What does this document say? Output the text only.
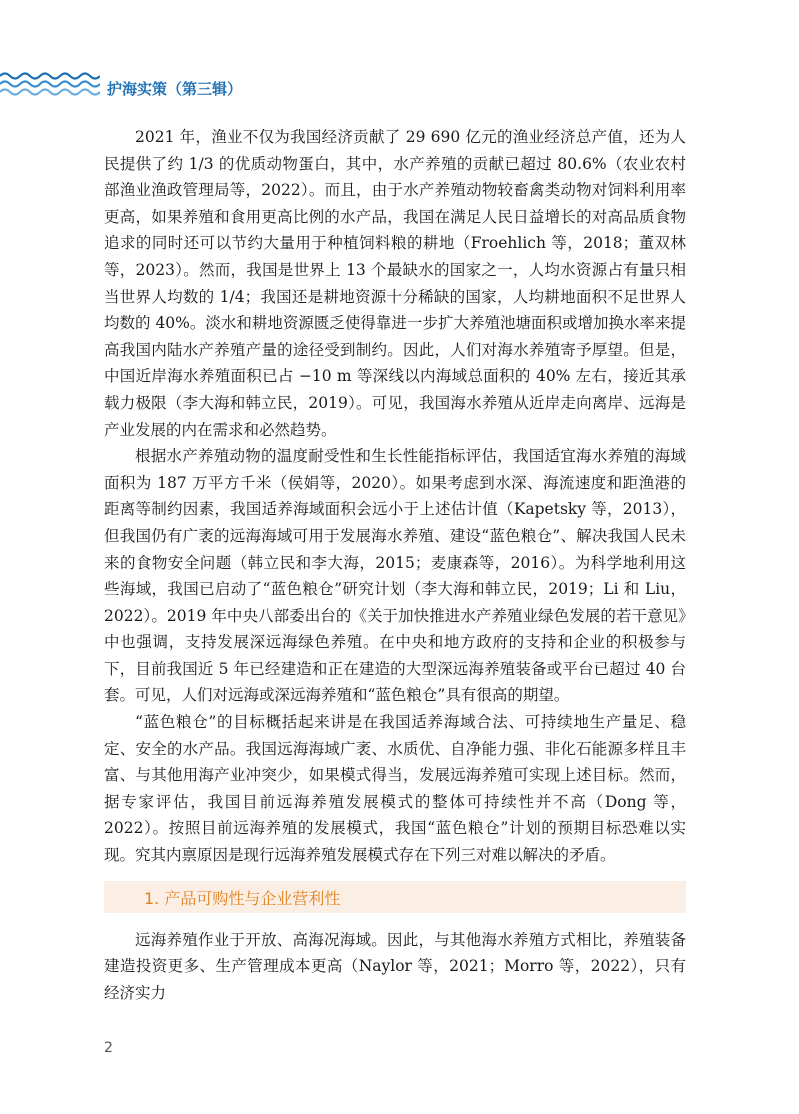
护海实策（第三辑）

2021 年，渔业不仅为我国经济贡献了 29 690 亿元的渔业经济总产值，还为人民提供了约 1/3 的优质动物蛋白，其中，水产养殖的贡献已超过 80.6%（农业农村部渔业渔政管理局等，2022）。而且，由于水产养殖动物较畜禽类动物对饲料利用率更高，如果养殖和食用更高比例的水产品，我国在满足人民日益增长的对高品质食物追求的同时还可以节约大量用于种植饲料粮的耕地（Froehlich 等，2018；董双林等，2023）。然而，我国是世界上 13 个最缺水的国家之一，人均水资源占有量只相当世界人均数的 1/4；我国还是耕地资源十分稀缺的国家，人均耕地面积不足世界人均数的 40%。淡水和耕地资源匮乏使得靠进一步扩大养殖池塘面积或增加换水率来提高我国内陆水产养殖产量的途径受到制约。因此，人们对海水养殖寄予厚望。但是，中国近岸海水养殖面积已占 −10 m 等深线以内海域总面积的 40% 左右，接近其承载力极限（李大海和韩立民，2019）。可见，我国海水养殖从近岸走向离岸、远海是产业发展的内在需求和必然趋势。

根据水产养殖动物的温度耐受性和生长性能指标评估，我国适宜海水养殖的海域面积为 187 万平方千米（侯娟等，2020）。如果考虑到水深、海流速度和距渔港的距离等制约因素，我国适养海域面积会远小于上述估计值（Kapetsky 等，2013），但我国仍有广袤的远海海域可用于发展海水养殖、建设“蓝色粮仓”、解决我国人民未来的食物安全问题（韩立民和李大海，2015；麦康森等，2016）。为科学地利用这些海域，我国已启动了“蓝色粮仓”研究计划（李大海和韩立民，2019；Li 和 Liu，2022）。2019 年中央八部委出台的《关于加快推进水产养殖业绿色发展的若干意见》中也强调，支持发展深远海绿色养殖。在中央和地方政府的支持和企业的积极参与下，目前我国近 5 年已经建造和正在建造的大型深远海养殖装备或平台已超过 40 台套。可见，人们对远海或深远海养殖和“蓝色粮仓”具有很高的期望。

“蓝色粮仓”的目标概括起来讲是在我国适养海域合法、可持续地生产量足、稳定、安全的水产品。我国远海海域广袤、水质优、自净能力强、非化石能源多样且丰富、与其他用海产业冲突少，如果模式得当，发展远海养殖可实现上述目标。然而，据专家评估，我国目前远海养殖发展模式的整体可持续性并不高（Dong 等，2022）。按照目前远海养殖的发展模式，我国“蓝色粮仓”计划的预期目标恐难以实现。究其内禀原因是现行远海养殖发展模式存在下列三对难以解决的矛盾。

1. 产品可购性与企业营利性

远海养殖作业于开放、高海况海域。因此，与其他海水养殖方式相比，养殖装备建造投资更多、生产管理成本更高（Naylor 等，2021；Morro 等，2022），只有经济实力

2
